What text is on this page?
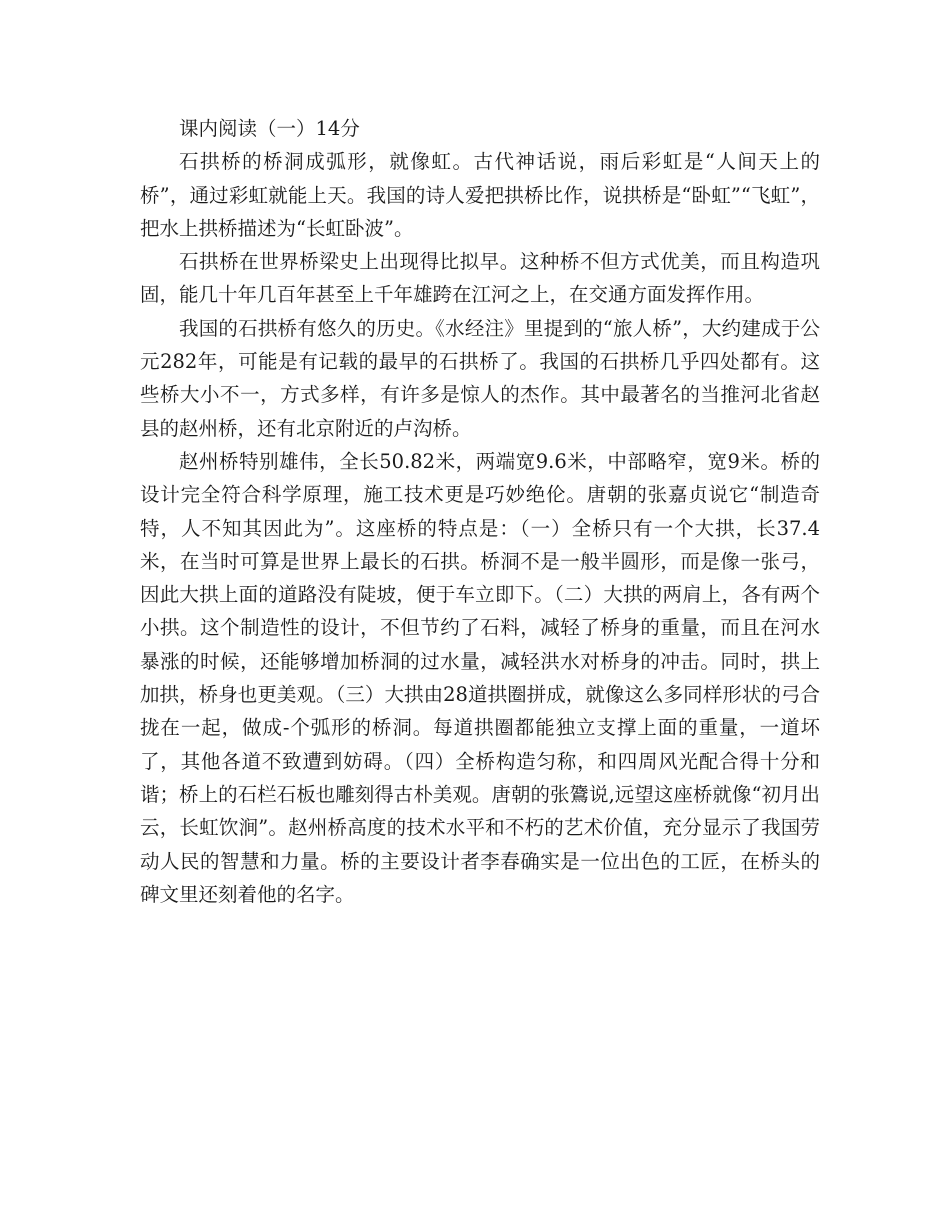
课内阅读（一）14分

石拱桥的桥洞成弧形，就像虹。古代神话说，雨后彩虹是“人间天上的桥”，通过彩虹就能上天。我国的诗人爱把拱桥比作，说拱桥是“卧虹”“飞虹”，把水上拱桥描述为“长虹卧波”。

石拱桥在世界桥梁史上出现得比拟早。这种桥不但方式优美，而且构造巩固，能几十年几百年甚至上千年雄跨在江河之上，在交通方面发挥作用。

我国的石拱桥有悠久的历史。《水经注》里提到的“旅人桥”，大约建成于公元282年，可能是有记载的最早的石拱桥了。我国的石拱桥几乎四处都有。这些桥大小不一，方式多样，有许多是惊人的杰作。其中最著名的当推河北省赵县的赵州桥，还有北京附近的卢沟桥。

赵州桥特别雄伟，全长50.82米，两端宽9.6米，中部略窄，宽9米。桥的设计完全符合科学原理，施工技术更是巧妙绝伦。唐朝的张嘉贞说它“制造奇特，人不知其因此为”。这座桥的特点是：（一）全桥只有一个大拱，长37.4米，在当时可算是世界上最长的石拱。桥洞不是一般半圆形，而是像一张弓，因此大拱上面的道路没有陡坡，便于车立即下。（二）大拱的两肩上，各有两个小拱。这个制造性的设计，不但节约了石料，减轻了桥身的重量，而且在河水暴涨的时候，还能够增加桥洞的过水量，减轻洪水对桥身的冲击。同时，拱上加拱，桥身也更美观。（三）大拱由28道拱圈拼成，就像这么多同样形状的弓合拢在一起，做成-个弧形的桥洞。每道拱圈都能独立支撑上面的重量，一道坏了，其他各道不致遭到妨碍。（四）全桥构造匀称，和四周风光配合得十分和谐；桥上的石栏石板也雕刻得古朴美观。唐朝的张鷟说,远望这座桥就像“初月出云，长虹饮涧”。赵州桥高度的技术水平和不朽的艺术价值，充分显示了我国劳动人民的智慧和力量。桥的主要设计者李春确实是一位出色的工匠，在桥头的碑文里还刻着他的名字。
